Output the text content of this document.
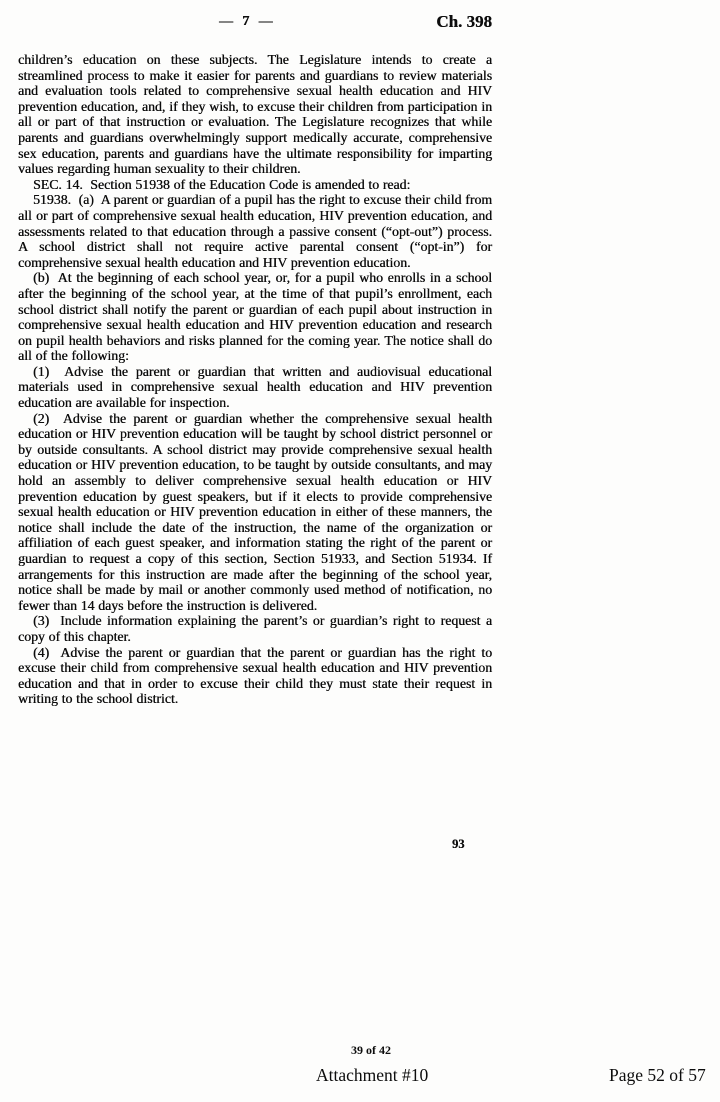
—  7  —	Ch. 398

children’s education on these subjects. The Legislature intends to create a streamlined process to make it easier for parents and guardians to review materials and evaluation tools related to comprehensive sexual health education and HIV prevention education, and, if they wish, to excuse their children from participation in all or part of that instruction or evaluation. The Legislature recognizes that while parents and guardians overwhelmingly support medically accurate, comprehensive sex education, parents and guardians have the ultimate responsibility for imparting values regarding human sexuality to their children.

SEC. 14.  Section 51938 of the Education Code is amended to read:

51938.  (a)  A parent or guardian of a pupil has the right to excuse their child from all or part of comprehensive sexual health education, HIV prevention education, and assessments related to that education through a passive consent (“opt-out”) process. A school district shall not require active parental consent (“opt-in”) for comprehensive sexual health education and HIV prevention education.

(b)  At the beginning of each school year, or, for a pupil who enrolls in a school after the beginning of the school year, at the time of that pupil’s enrollment, each school district shall notify the parent or guardian of each pupil about instruction in comprehensive sexual health education and HIV prevention education and research on pupil health behaviors and risks planned for the coming year. The notice shall do all of the following:

(1)  Advise the parent or guardian that written and audiovisual educational materials used in comprehensive sexual health education and HIV prevention education are available for inspection.

(2)  Advise the parent or guardian whether the comprehensive sexual health education or HIV prevention education will be taught by school district personnel or by outside consultants. A school district may provide comprehensive sexual health education or HIV prevention education, to be taught by outside consultants, and may hold an assembly to deliver comprehensive sexual health education or HIV prevention education by guest speakers, but if it elects to provide comprehensive sexual health education or HIV prevention education in either of these manners, the notice shall include the date of the instruction, the name of the organization or affiliation of each guest speaker, and information stating the right of the parent or guardian to request a copy of this section, Section 51933, and Section 51934. If arrangements for this instruction are made after the beginning of the school year, notice shall be made by mail or another commonly used method of notification, no fewer than 14 days before the instruction is delivered.

(3)  Include information explaining the parent’s or guardian’s right to request a copy of this chapter.

(4)  Advise the parent or guardian that the parent or guardian has the right to excuse their child from comprehensive sexual health education and HIV prevention education and that in order to excuse their child they must state their request in writing to the school district.

93
39 of 42
Attachment #10	Page 52 of 57
